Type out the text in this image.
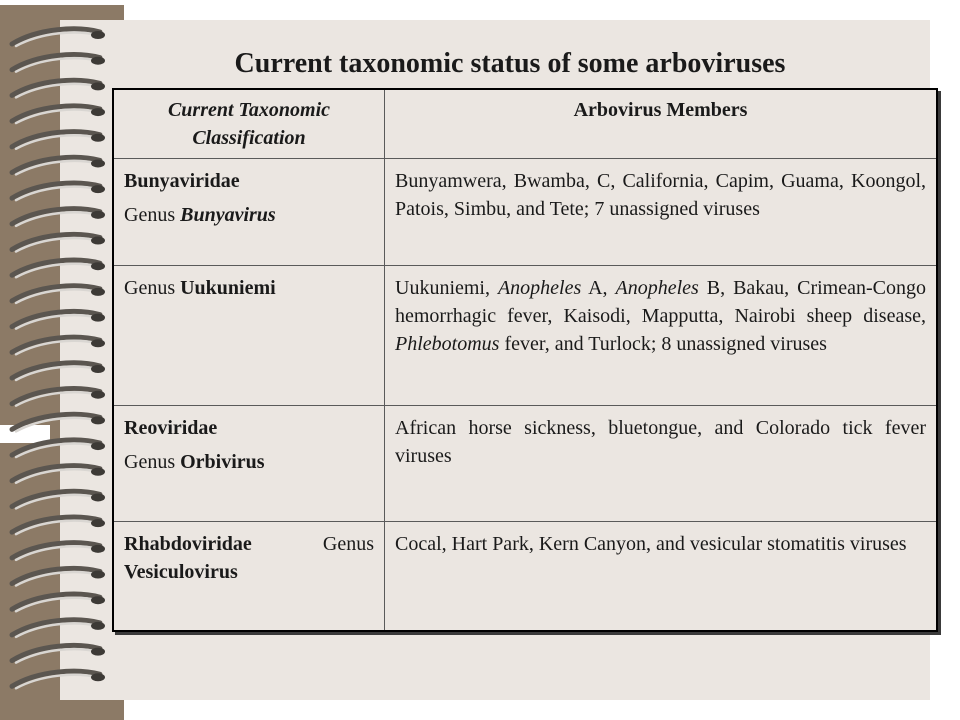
Current taxonomic status of some arboviruses
Current Taxonomic Classification	Arbovirus Members

Bunyaviridae
Genus Bunyavirus	Bunyamwera, Bwamba, C, California, Capim, Guama, Koongol, Patois, Simbu, and Tete; 7 unassigned viruses
Genus Uukuniemi	Uukuniemi, Anopheles A, Anopheles B, Bakau, Crimean-Congo hemorrhagic fever, Kaisodi, Mapputta, Nairobi sheep disease, Phlebotomus fever, and Turlock; 8 unassigned viruses

Reoviridae
Genus Orbivirus	African horse sickness, bluetongue, and Colorado tick fever viruses
Rhabdoviridae Genus Vesiculovirus	Cocal, Hart Park, Kern Canyon, and vesicular stomatitis viruses
